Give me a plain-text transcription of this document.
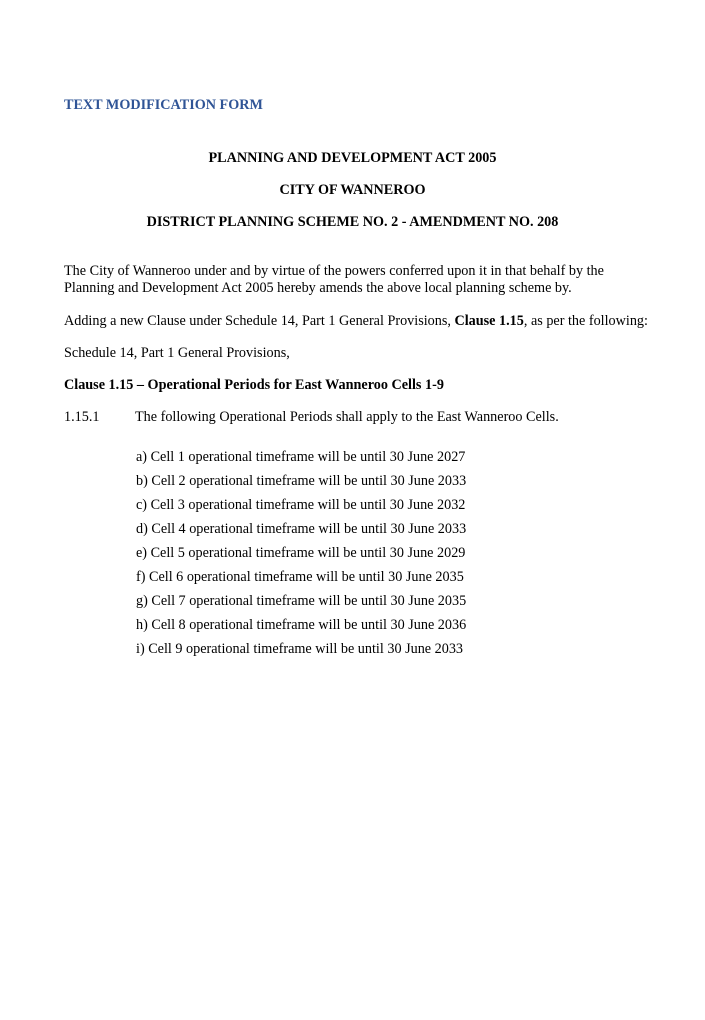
TEXT MODIFICATION FORM
PLANNING AND DEVELOPMENT ACT 2005
CITY OF WANNEROO
DISTRICT PLANNING SCHEME NO. 2 - AMENDMENT NO. 208
The City of Wanneroo under and by virtue of the powers conferred upon it in that behalf by the Planning and Development Act 2005 hereby amends the above local planning scheme by.
Adding a new Clause under Schedule 14, Part 1 General Provisions, Clause 1.15, as per the following:
Schedule 14, Part 1 General Provisions,
Clause 1.15 – Operational Periods for East Wanneroo Cells 1-9
1.15.1	The following Operational Periods shall apply to the East Wanneroo Cells.
a) Cell 1 operational timeframe will be until 30 June 2027
b) Cell 2 operational timeframe will be until 30 June 2033
c) Cell 3 operational timeframe will be until 30 June 2032
d) Cell 4 operational timeframe will be until 30 June 2033
e) Cell 5 operational timeframe will be until 30 June 2029
f) Cell 6 operational timeframe will be until 30 June 2035
g) Cell 7 operational timeframe will be until 30 June 2035
h) Cell 8 operational timeframe will be until 30 June 2036
i) Cell 9 operational timeframe will be until 30 June 2033
